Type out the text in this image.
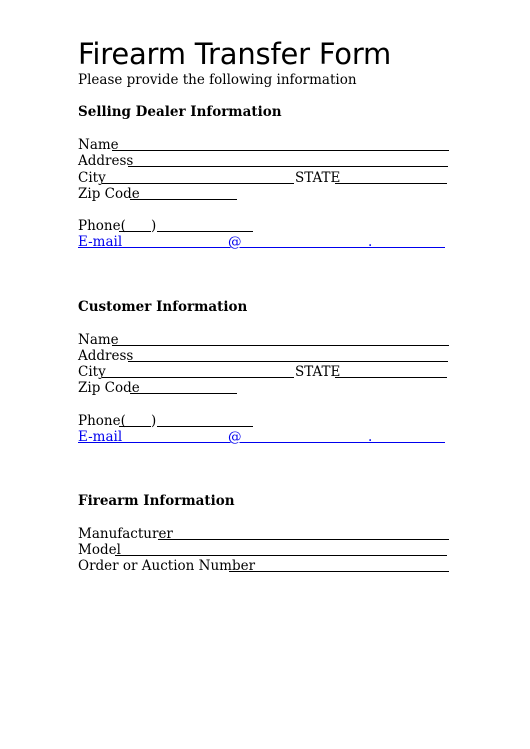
Firearm Transfer Form
Please provide the following information
Selling Dealer Information
Name
Address
City	STATE
Zip Code
Phone( )
E-mail	@	.
Customer Information
Name
Address
City	STATE
Zip Code
Phone( )
E-mail	@	.
Firearm Information
Manufacturer
Model
Order or Auction Number
